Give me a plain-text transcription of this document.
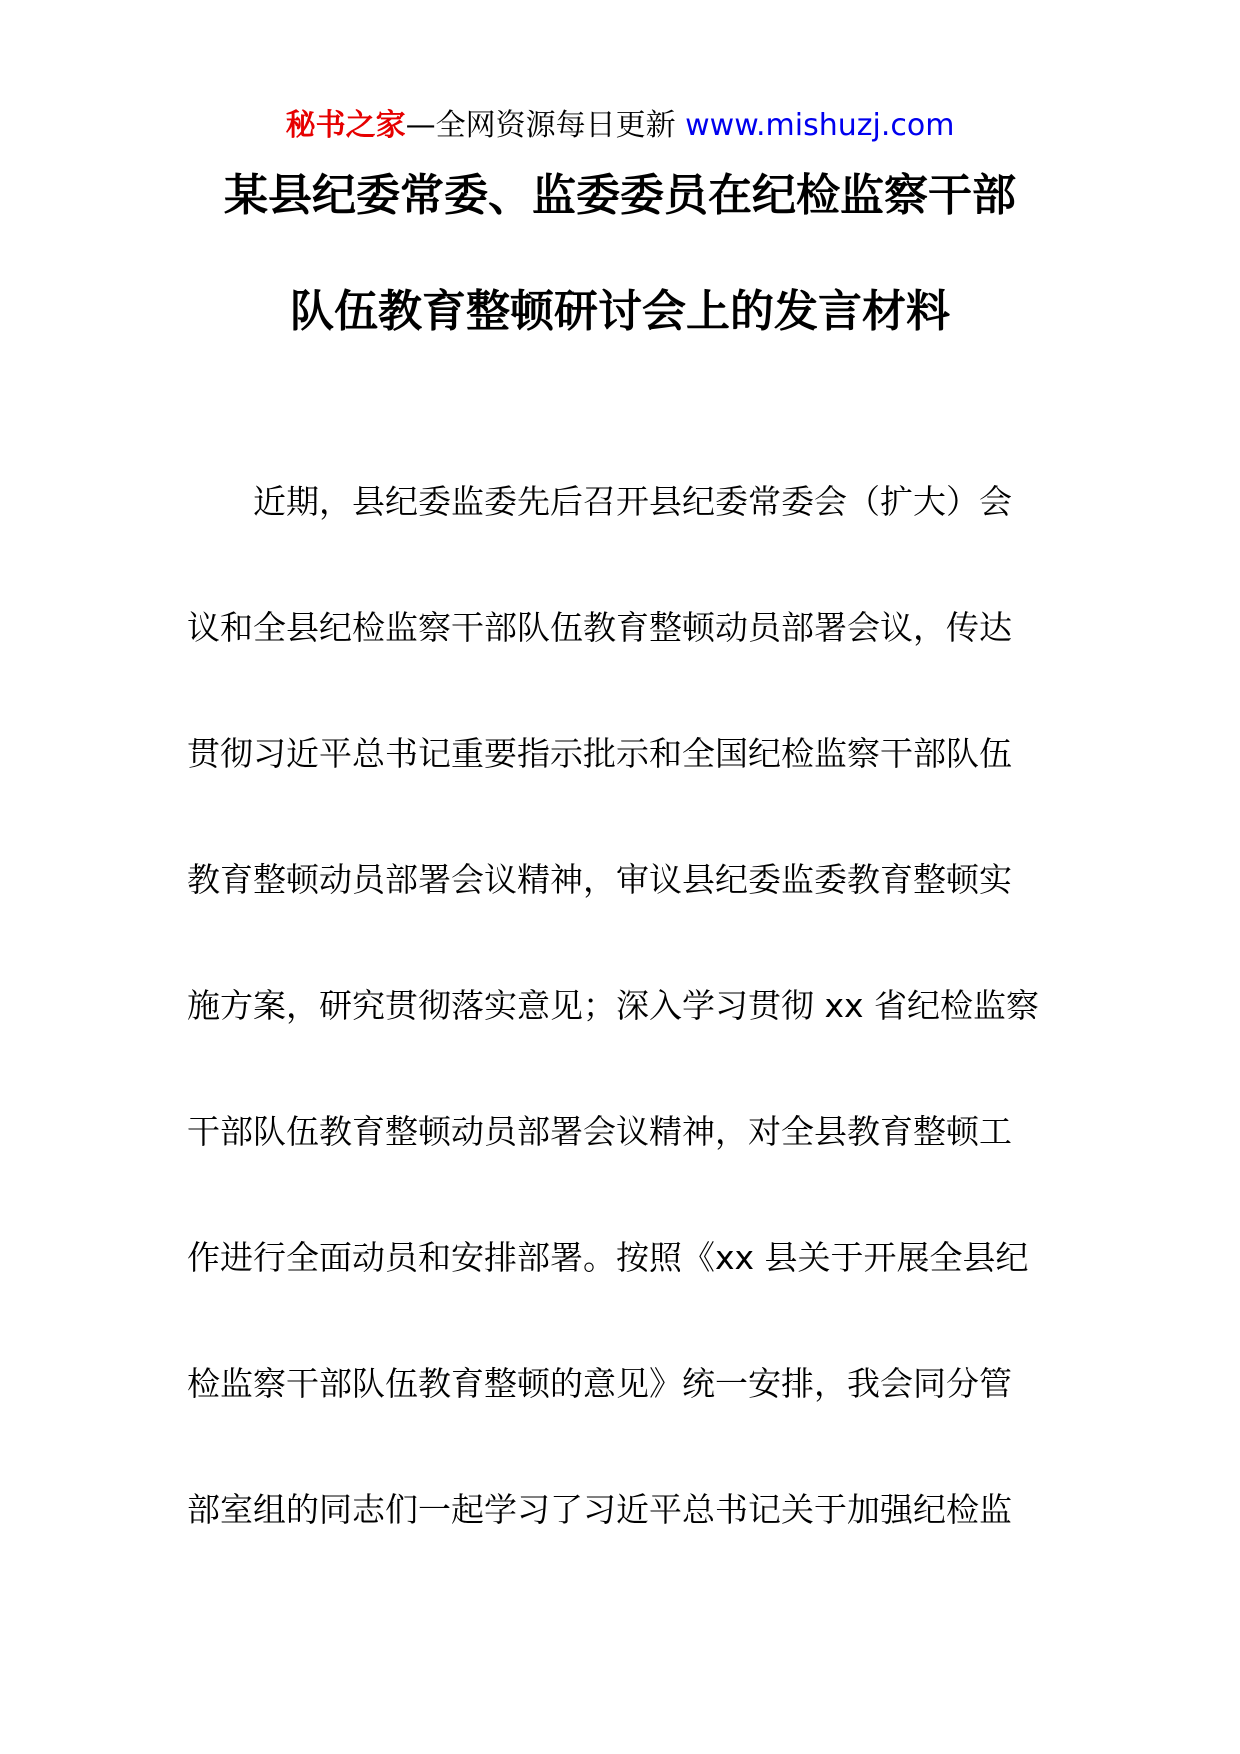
秘书之家—全网资源每日更新 www.mishuzj.com
某县纪委常委、监委委员在纪检监察干部
队伍教育整顿研讨会上的发言材料
近期，县纪委监委先后召开县纪委常委会（扩大）会
议和全县纪检监察干部队伍教育整顿动员部署会议，传达
贯彻习近平总书记重要指示批示和全国纪检监察干部队伍
教育整顿动员部署会议精神，审议县纪委监委教育整顿实
施方案，研究贯彻落实意见；深入学习贯彻 xx 省纪检监察
干部队伍教育整顿动员部署会议精神，对全县教育整顿工
作进行全面动员和安排部署。按照《xx 县关于开展全县纪
检监察干部队伍教育整顿的意见》统一安排，我会同分管
部室组的同志们一起学习了习近平总书记关于加强纪检监
